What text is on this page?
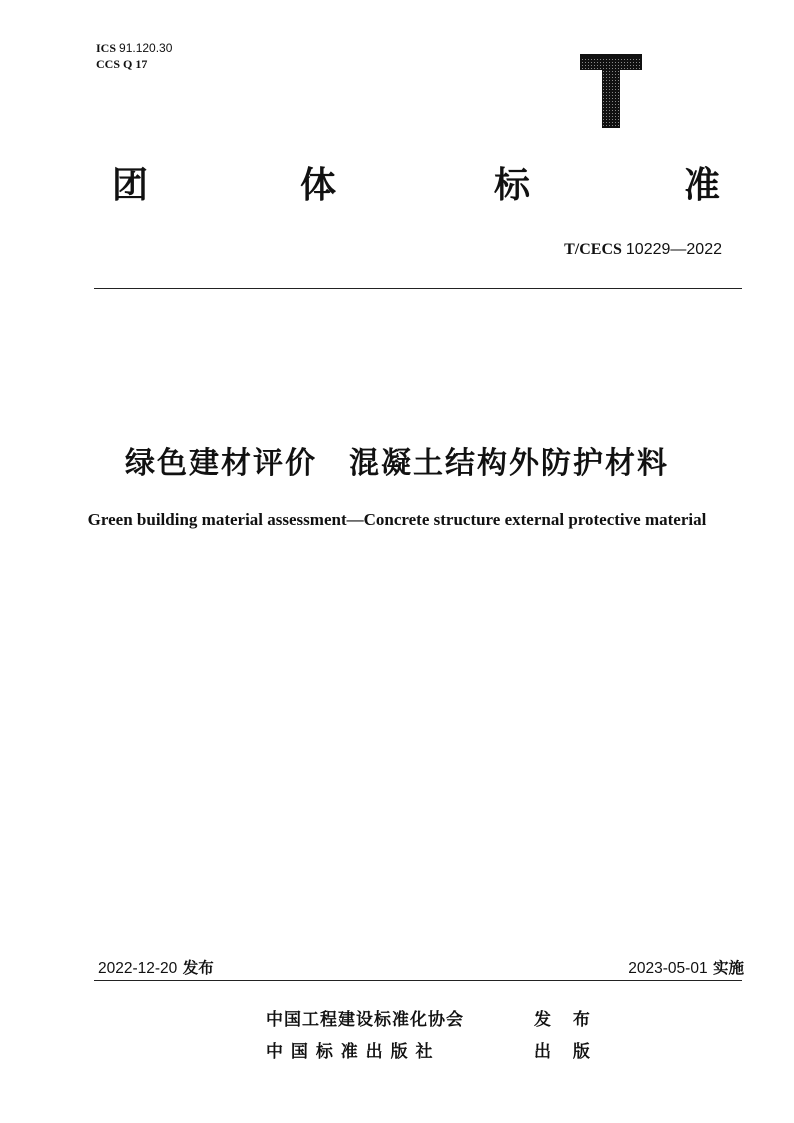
ICS 91.120.30
CCS Q 17
团	体	标	准
T/CECS 10229—2022
绿色建材评价 混凝土结构外防护材料
Green building material assessment—Concrete structure external protective material
2022-12-20 发布	2023-05-01 实施
中国工程建设标准化协会	发 布
中 国 标 准 出 版 社	出 版
